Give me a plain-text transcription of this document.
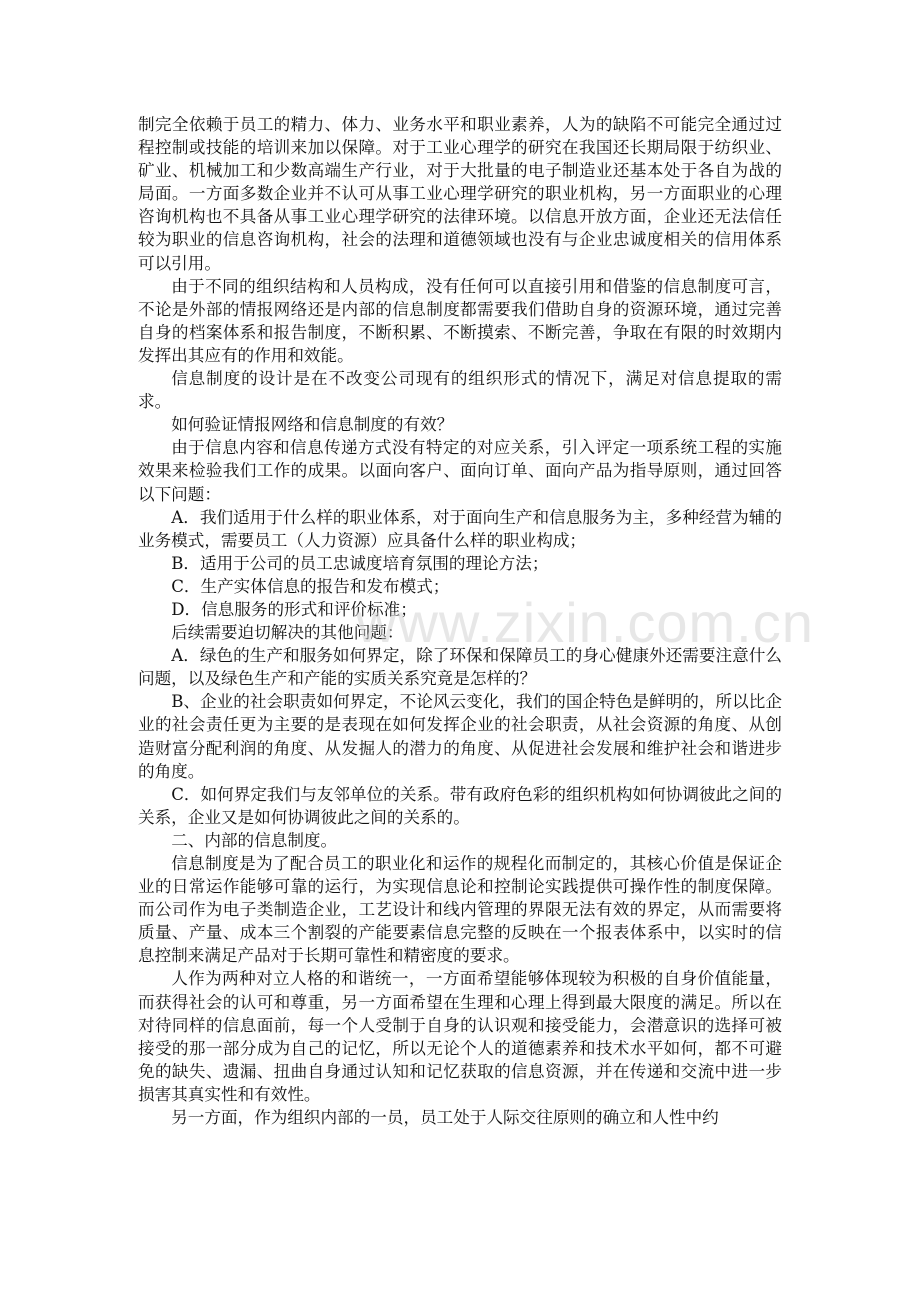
制完全依赖于员工的精力、体力、业务水平和职业素养，人为的缺陷不可能完全通过过程控制或技能的培训来加以保障。对于工业心理学的研究在我国还长期局限于纺织业、矿业、机械加工和少数高端生产行业，对于大批量的电子制造业还基本处于各自为战的局面。一方面多数企业并不认可从事工业心理学研究的职业机构，另一方面职业的心理咨询机构也不具备从事工业心理学研究的法律环境。以信息开放方面，企业还无法信任较为职业的信息咨询机构，社会的法理和道德领域也没有与企业忠诚度相关的信用体系可以引用。

由于不同的组织结构和人员构成，没有任何可以直接引用和借鉴的信息制度可言，不论是外部的情报网络还是内部的信息制度都需要我们借助自身的资源环境，通过完善自身的档案体系和报告制度，不断积累、不断摸索、不断完善，争取在有限的时效期内发挥出其应有的作用和效能。

信息制度的设计是在不改变公司现有的组织形式的情况下，满足对信息提取的需求。

如何验证情报网络和信息制度的有效？

由于信息内容和信息传递方式没有特定的对应关系，引入评定一项系统工程的实施效果来检验我们工作的成果。以面向客户、面向订单、面向产品为指导原则，通过回答以下问题：

A．我们适用于什么样的职业体系，对于面向生产和信息服务为主，多种经营为辅的业务模式，需要员工（人力资源）应具备什么样的职业构成；

B．适用于公司的员工忠诚度培育氛围的理论方法；

C．生产实体信息的报告和发布模式；

D．信息服务的形式和评价标准；

后续需要迫切解决的其他问题：

A．绿色的生产和服务如何界定，除了环保和保障员工的身心健康外还需要注意什么问题，以及绿色生产和产能的实质关系究竟是怎样的？

B、企业的社会职责如何界定，不论风云变化，我们的国企特色是鲜明的，所以比企业的社会责任更为主要的是表现在如何发挥企业的社会职责，从社会资源的角度、从创造财富分配利润的角度、从发掘人的潜力的角度、从促进社会发展和维护社会和谐进步的角度。

C．如何界定我们与友邻单位的关系。带有政府色彩的组织机构如何协调彼此之间的关系，企业又是如何协调彼此之间的关系的。

二、内部的信息制度。

信息制度是为了配合员工的职业化和运作的规程化而制定的，其核心价值是保证企业的日常运作能够可靠的运行，为实现信息论和控制论实践提供可操作性的制度保障。而公司作为电子类制造企业，工艺设计和线内管理的界限无法有效的界定，从而需要将质量、产量、成本三个割裂的产能要素信息完整的反映在一个报表体系中，以实时的信息控制来满足产品对于长期可靠性和精密度的要求。

人作为两种对立人格的和谐统一，一方面希望能够体现较为积极的自身价值能量，而获得社会的认可和尊重，另一方面希望在生理和心理上得到最大限度的满足。所以在对待同样的信息面前，每一个人受制于自身的认识观和接受能力，会潜意识的选择可被接受的那一部分成为自己的记忆，所以无论个人的道德素养和技术水平如何，都不可避免的缺失、遗漏、扭曲自身通过认知和记忆获取的信息资源，并在传递和交流中进一步损害其真实性和有效性。

另一方面，作为组织内部的一员，员工处于人际交往原则的确立和人性中约

www.zixin.com.cn
